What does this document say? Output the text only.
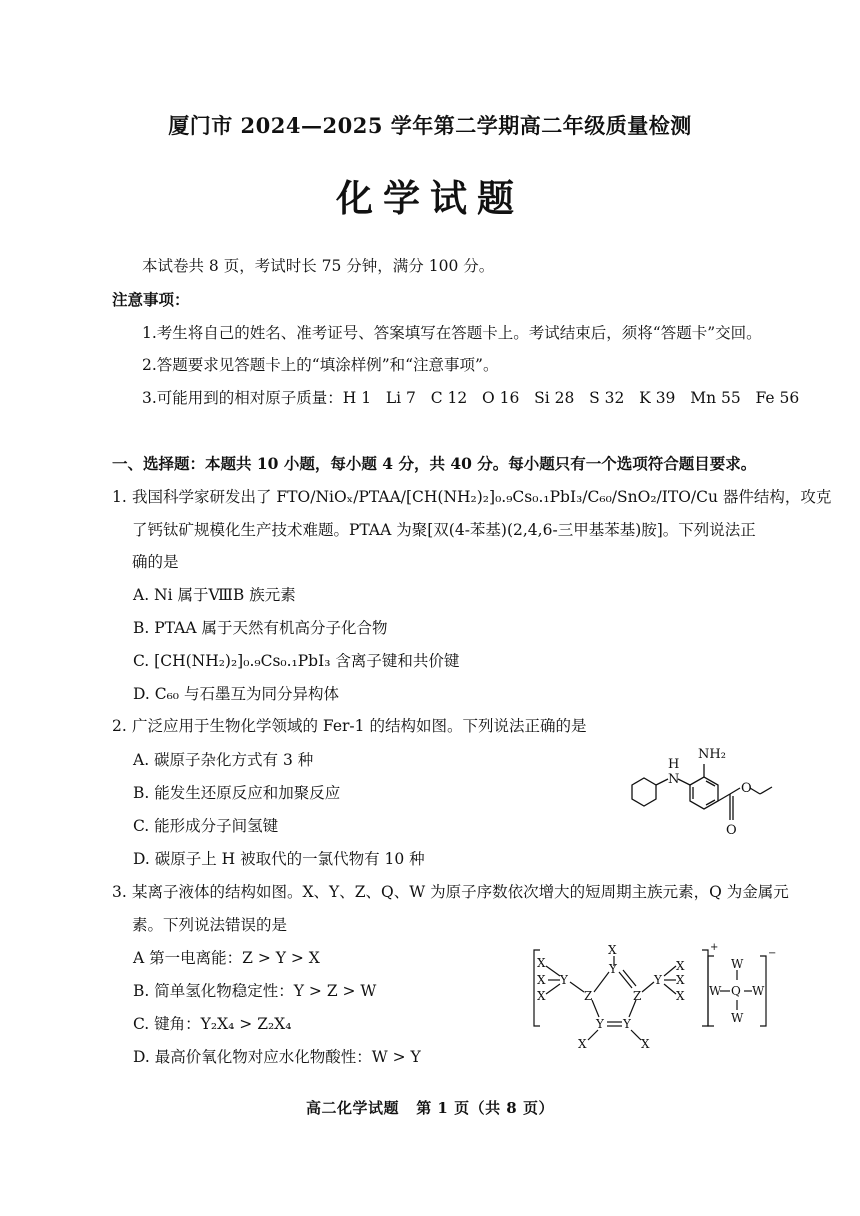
厦门市 2024—2025 学年第二学期高二年级质量检测
化学试题
本试卷共 8 页，考试时长 75 分钟，满分 100 分。
注意事项：
1.考生将自己的姓名、准考证号、答案填写在答题卡上。考试结束后，须将“答题卡”交回。
2.答题要求见答题卡上的“填涂样例”和“注意事项”。
3.可能用到的相对原子质量：H 1   Li 7   C 12   O 16   Si 28   S 32   K 39   Mn 55   Fe 56
一、选择题：本题共 10 小题，每小题 4 分，共 40 分。每小题只有一个选项符合题目要求。
1. 我国科学家研发出了 FTO/NiOₓ/PTAA/[CH(NH₂)₂]₀.₉Cs₀.₁PbI₃/C₆₀/SnO₂/ITO/Cu 器件结构，攻克
了钙钛矿规模化生产技术难题。PTAA 为聚[双(4-苯基)(2,4,6-三甲基苯基)胺]。下列说法正
确的是
A. Ni 属于ⅧB 族元素
B. PTAA 属于天然有机高分子化合物
C. [CH(NH₂)₂]₀.₉Cs₀.₁PbI₃ 含离子键和共价键
D. C₆₀ 与石墨互为同分异构体
2. 广泛应用于生物化学领域的 Fer-1 的结构如图。下列说法正确的是
A. 碳原子杂化方式有 3 种
B. 能发生还原反应和加聚反应
C. 能形成分子间氢键
D. 碳原子上 H 被取代的一氯代物有 10 种
NH₂
H
N
O
O
3. 某离子液体的结构如图。X、Y、Z、Q、W 为原子序数依次增大的短周期主族元素，Q 为金属元
素。下列说法错误的是
A 第一电离能：Z > Y > X
B. 简单氢化物稳定性：Y > Z > W
C. 键角：Y₂X₄ > Z₂X₄
D. 最高价氧化物对应水化物酸性：W > Y
X
X
X
Y
Z
X
Y
Z
Y
X
X
X
Y Y
X	X
+
W
W Q W
W
−
高二化学试题   第 1 页（共 8 页）
